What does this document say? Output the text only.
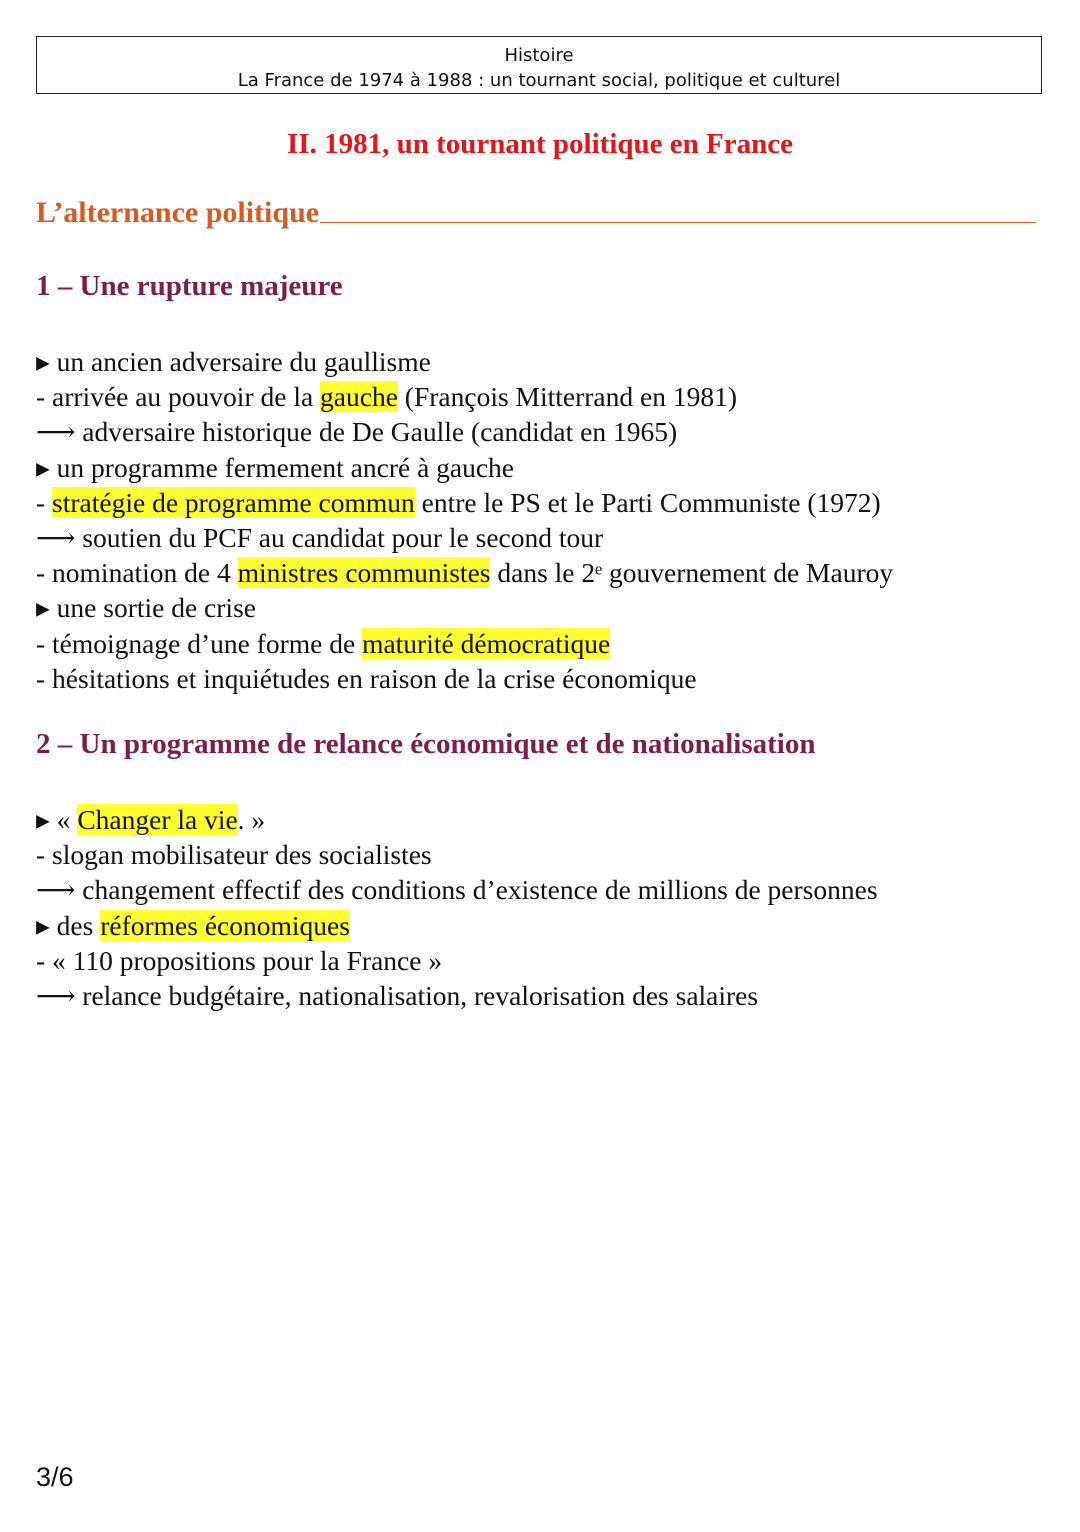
Histoire
La France de 1974 à 1988 : un tournant social, politique et culturel
II. 1981, un tournant politique en France
L’alternance politique
1 – Une rupture majeure
▸ un ancien adversaire du gaullisme
- arrivée au pouvoir de la gauche (François Mitterrand en 1981)
⟶ adversaire historique de De Gaulle (candidat en 1965)
▸ un programme fermement ancré à gauche
- stratégie de programme commun entre le PS et le Parti Communiste (1972)
⟶ soutien du PCF au candidat pour le second tour
- nomination de 4 ministres communistes dans le 2ᵉ gouvernement de Mauroy
▸ une sortie de crise
- témoignage d’une forme de maturité démocratique
- hésitations et inquiétudes en raison de la crise économique
2 – Un programme de relance économique et de nationalisation
▸ « Changer la vie. »
- slogan mobilisateur des socialistes
⟶ changement effectif des conditions d’existence de millions de personnes
▸ des réformes économiques
- « 110 propositions pour la France »
⟶ relance budgétaire, nationalisation, revalorisation des salaires
3/6
